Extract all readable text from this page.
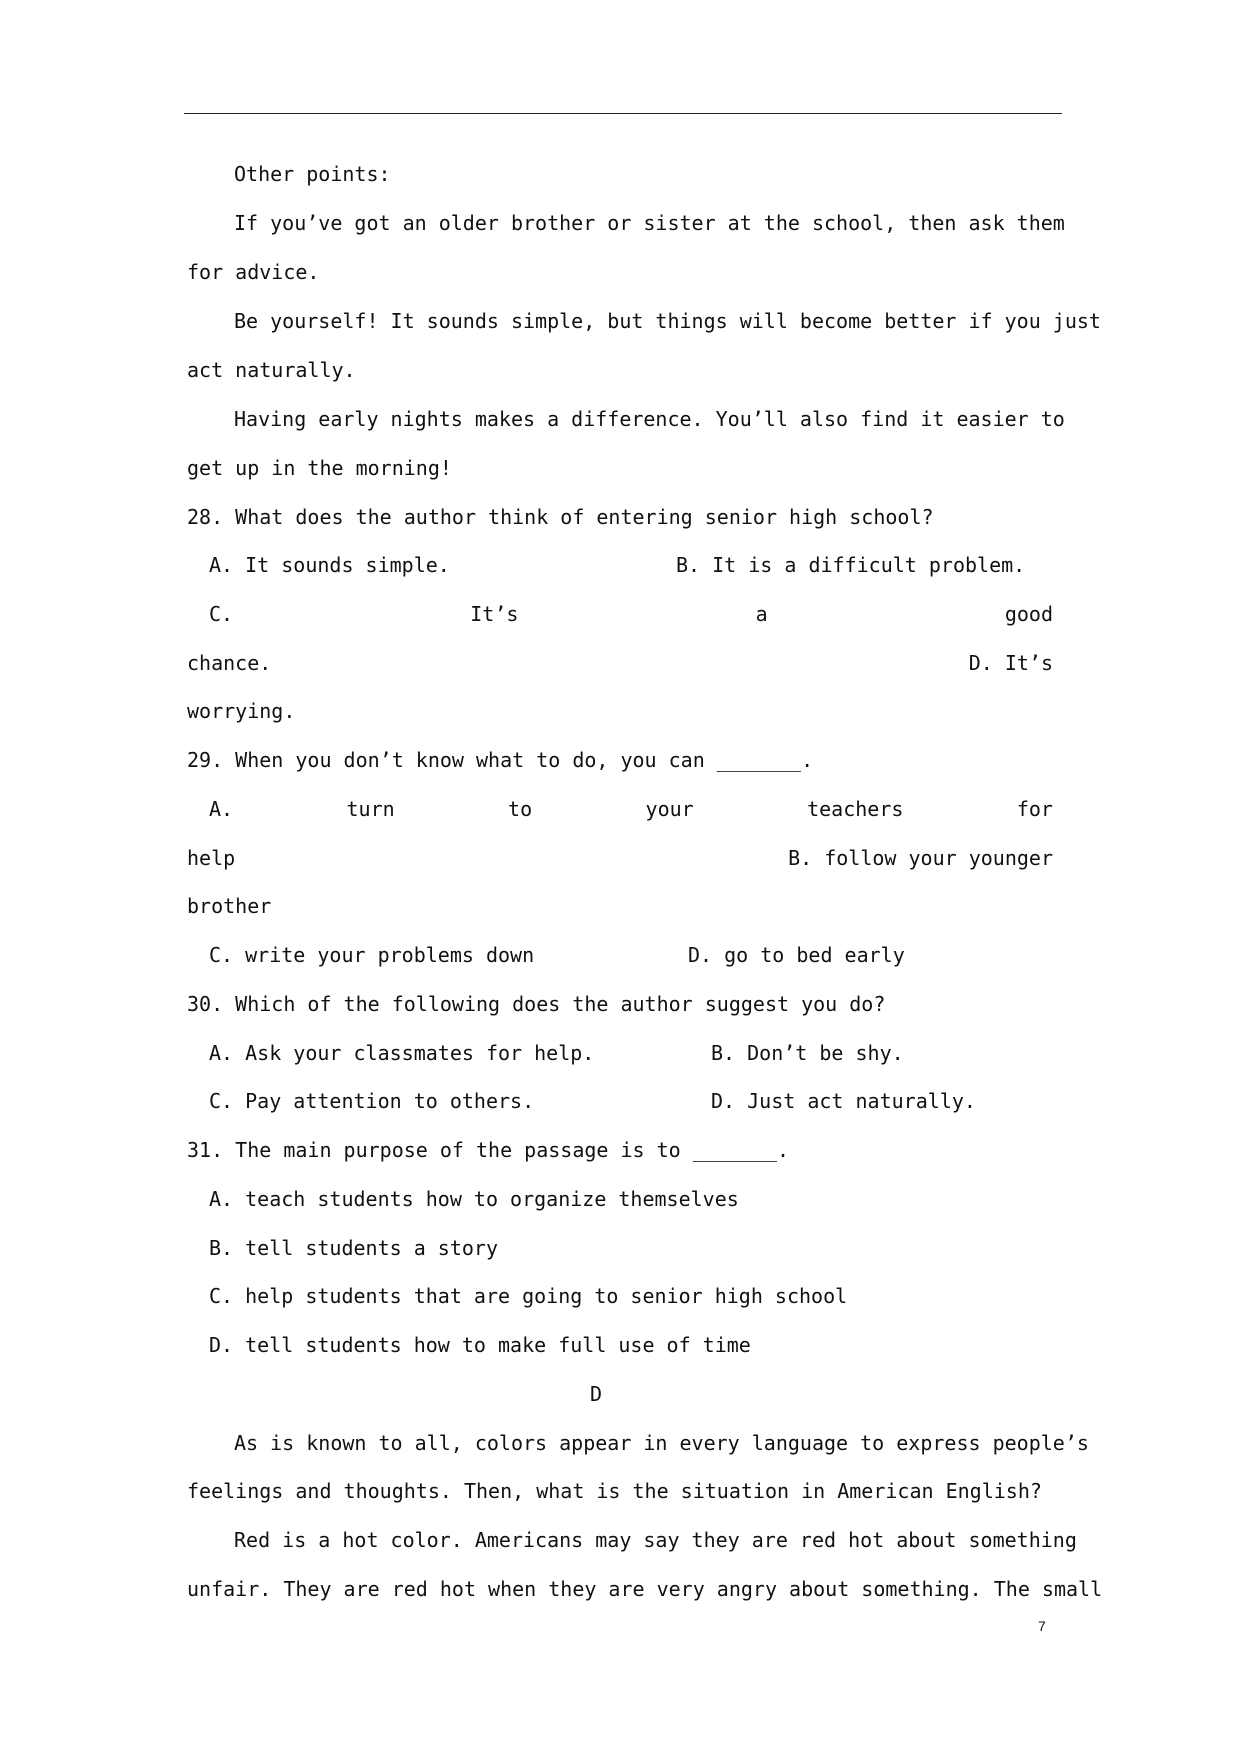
Other points:
If you’ve got an older brother or sister at the school, then ask them
for advice.
Be yourself! It sounds simple, but things will become better if you just
act naturally.
Having early nights makes a difference. You’ll also find it easier to
get up in the morning!
28. What does the author think of entering senior high school?
A. It sounds simple.	B. It is a difficult problem.
C.	It’s	a	good
chance.	D. It’s
worrying.
29. When you don’t know what to do, you can _______.
A.	turn	to	your	teachers	for
help	B. follow your younger
brother
C. write your problems down	D. go to bed early
30. Which of the following does the author suggest you do?
A. Ask your classmates for help.	B. Don’t be shy.
C. Pay attention to others.	D. Just act naturally.
31. The main purpose of the passage is to _______.
A. teach students how to organize themselves
B. tell students a story
C. help students that are going to senior high school
D. tell students how to make full use of time
D
As is known to all, colors appear in every language to express people’s
feelings and thoughts. Then, what is the situation in American English?
Red is a hot color. Americans may say they are red hot about something
unfair. They are red hot when they are very angry about something. The small
7
